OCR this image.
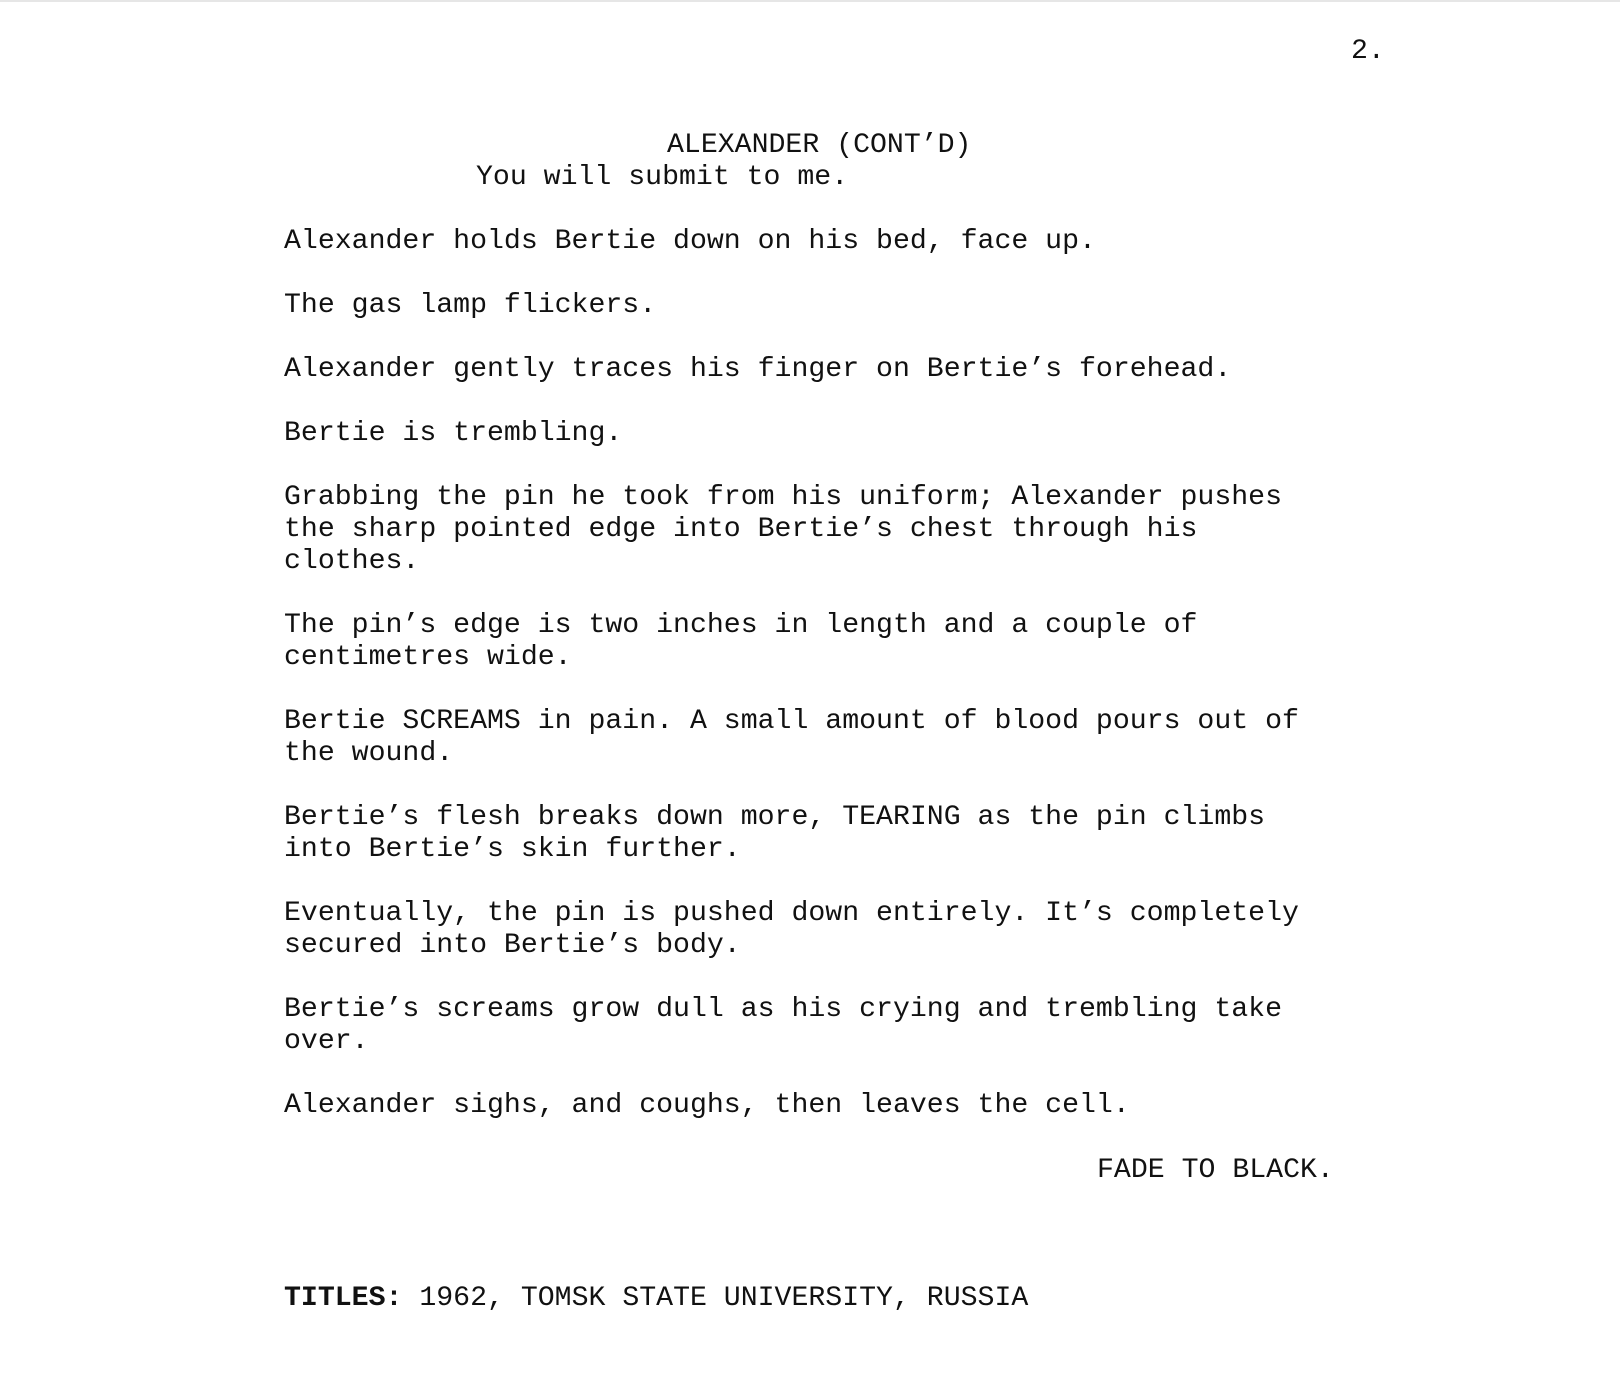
2.
ALEXANDER (CONT’D)
You will submit to me.

Alexander holds Bertie down on his bed, face up.

The gas lamp flickers.

Alexander gently traces his finger on Bertie’s forehead.

Bertie is trembling.

Grabbing the pin he took from his uniform; Alexander pushes
the sharp pointed edge into Bertie’s chest through his
clothes.

The pin’s edge is two inches in length and a couple of
centimetres wide.

Bertie SCREAMS in pain. A small amount of blood pours out of
the wound.

Bertie’s flesh breaks down more, TEARING as the pin climbs
into Bertie’s skin further.

Eventually, the pin is pushed down entirely. It’s completely
secured into Bertie’s body.

Bertie’s screams grow dull as his crying and trembling take
over.

Alexander sighs, and coughs, then leaves the cell.

FADE TO BLACK.
TITLES: 1962, TOMSK STATE UNIVERSITY, RUSSIA
